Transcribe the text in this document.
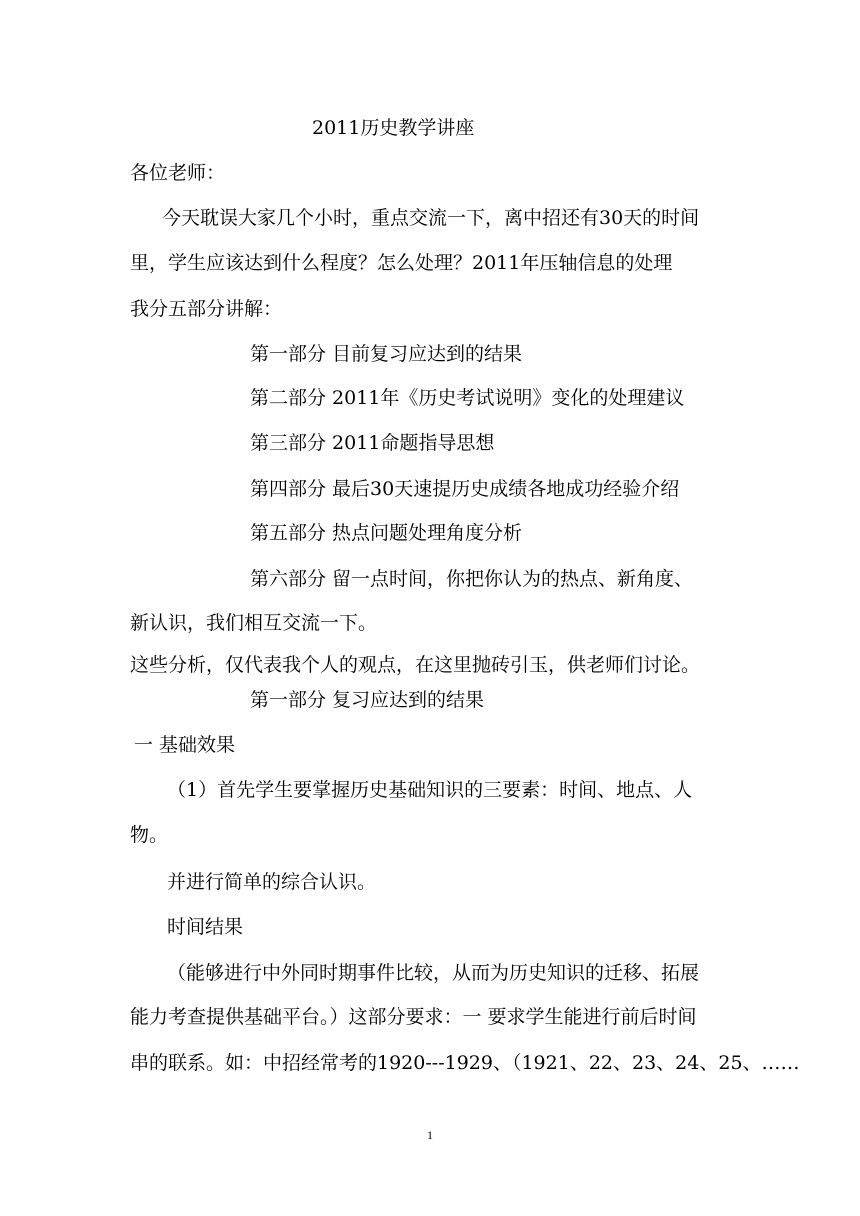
2011历史教学讲座
各位老师：
今天耽误大家几个小时，重点交流一下，离中招还有30天的时间
里，学生应该达到什么程度？怎么处理？2011年压轴信息的处理
我分五部分讲解：
第一部分 目前复习应达到的结果
第二部分 2011年《历史考试说明》变化的处理建议
第三部分 2011命题指导思想
第四部分 最后30天速提历史成绩各地成功经验介绍
第五部分 热点问题处理角度分析
第六部分 留一点时间，你把你认为的热点、新角度、
新认识，我们相互交流一下。
这些分析，仅代表我个人的观点，在这里抛砖引玉，供老师们讨论。
第一部分 复习应达到的结果
一 基础效果
（1）首先学生要掌握历史基础知识的三要素：时间、地点、人
物。
并进行简单的综合认识。
时间结果
（能够进行中外同时期事件比较，从而为历史知识的迁移、拓展
能力考查提供基础平台。）这部分要求：一 要求学生能进行前后时间
串的联系。如：中招经常考的1920---1929、（1921、22、23、24、25、……
1
